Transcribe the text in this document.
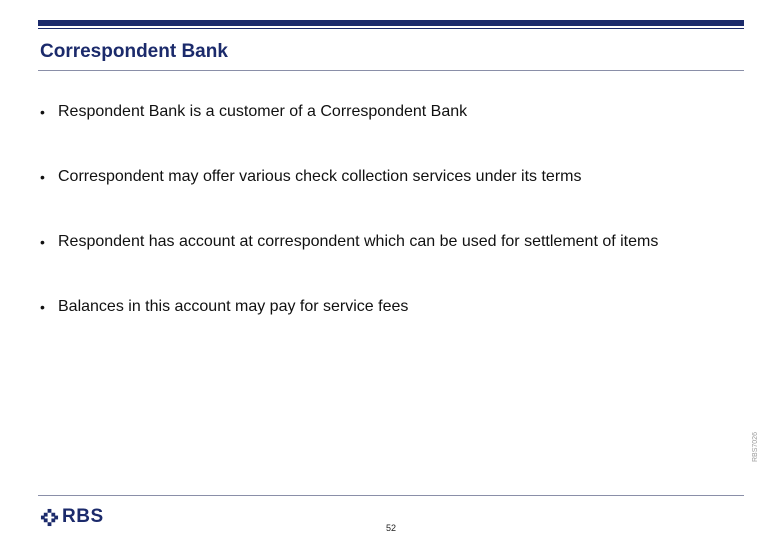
Correspondent Bank
• Respondent Bank is a customer of a Correspondent Bank
• Correspondent may offer various check collection services under its terms
• Respondent has account at correspondent which can be used for settlement of items
• Balances in this account may pay for service fees
RBS7026
RBS
52
